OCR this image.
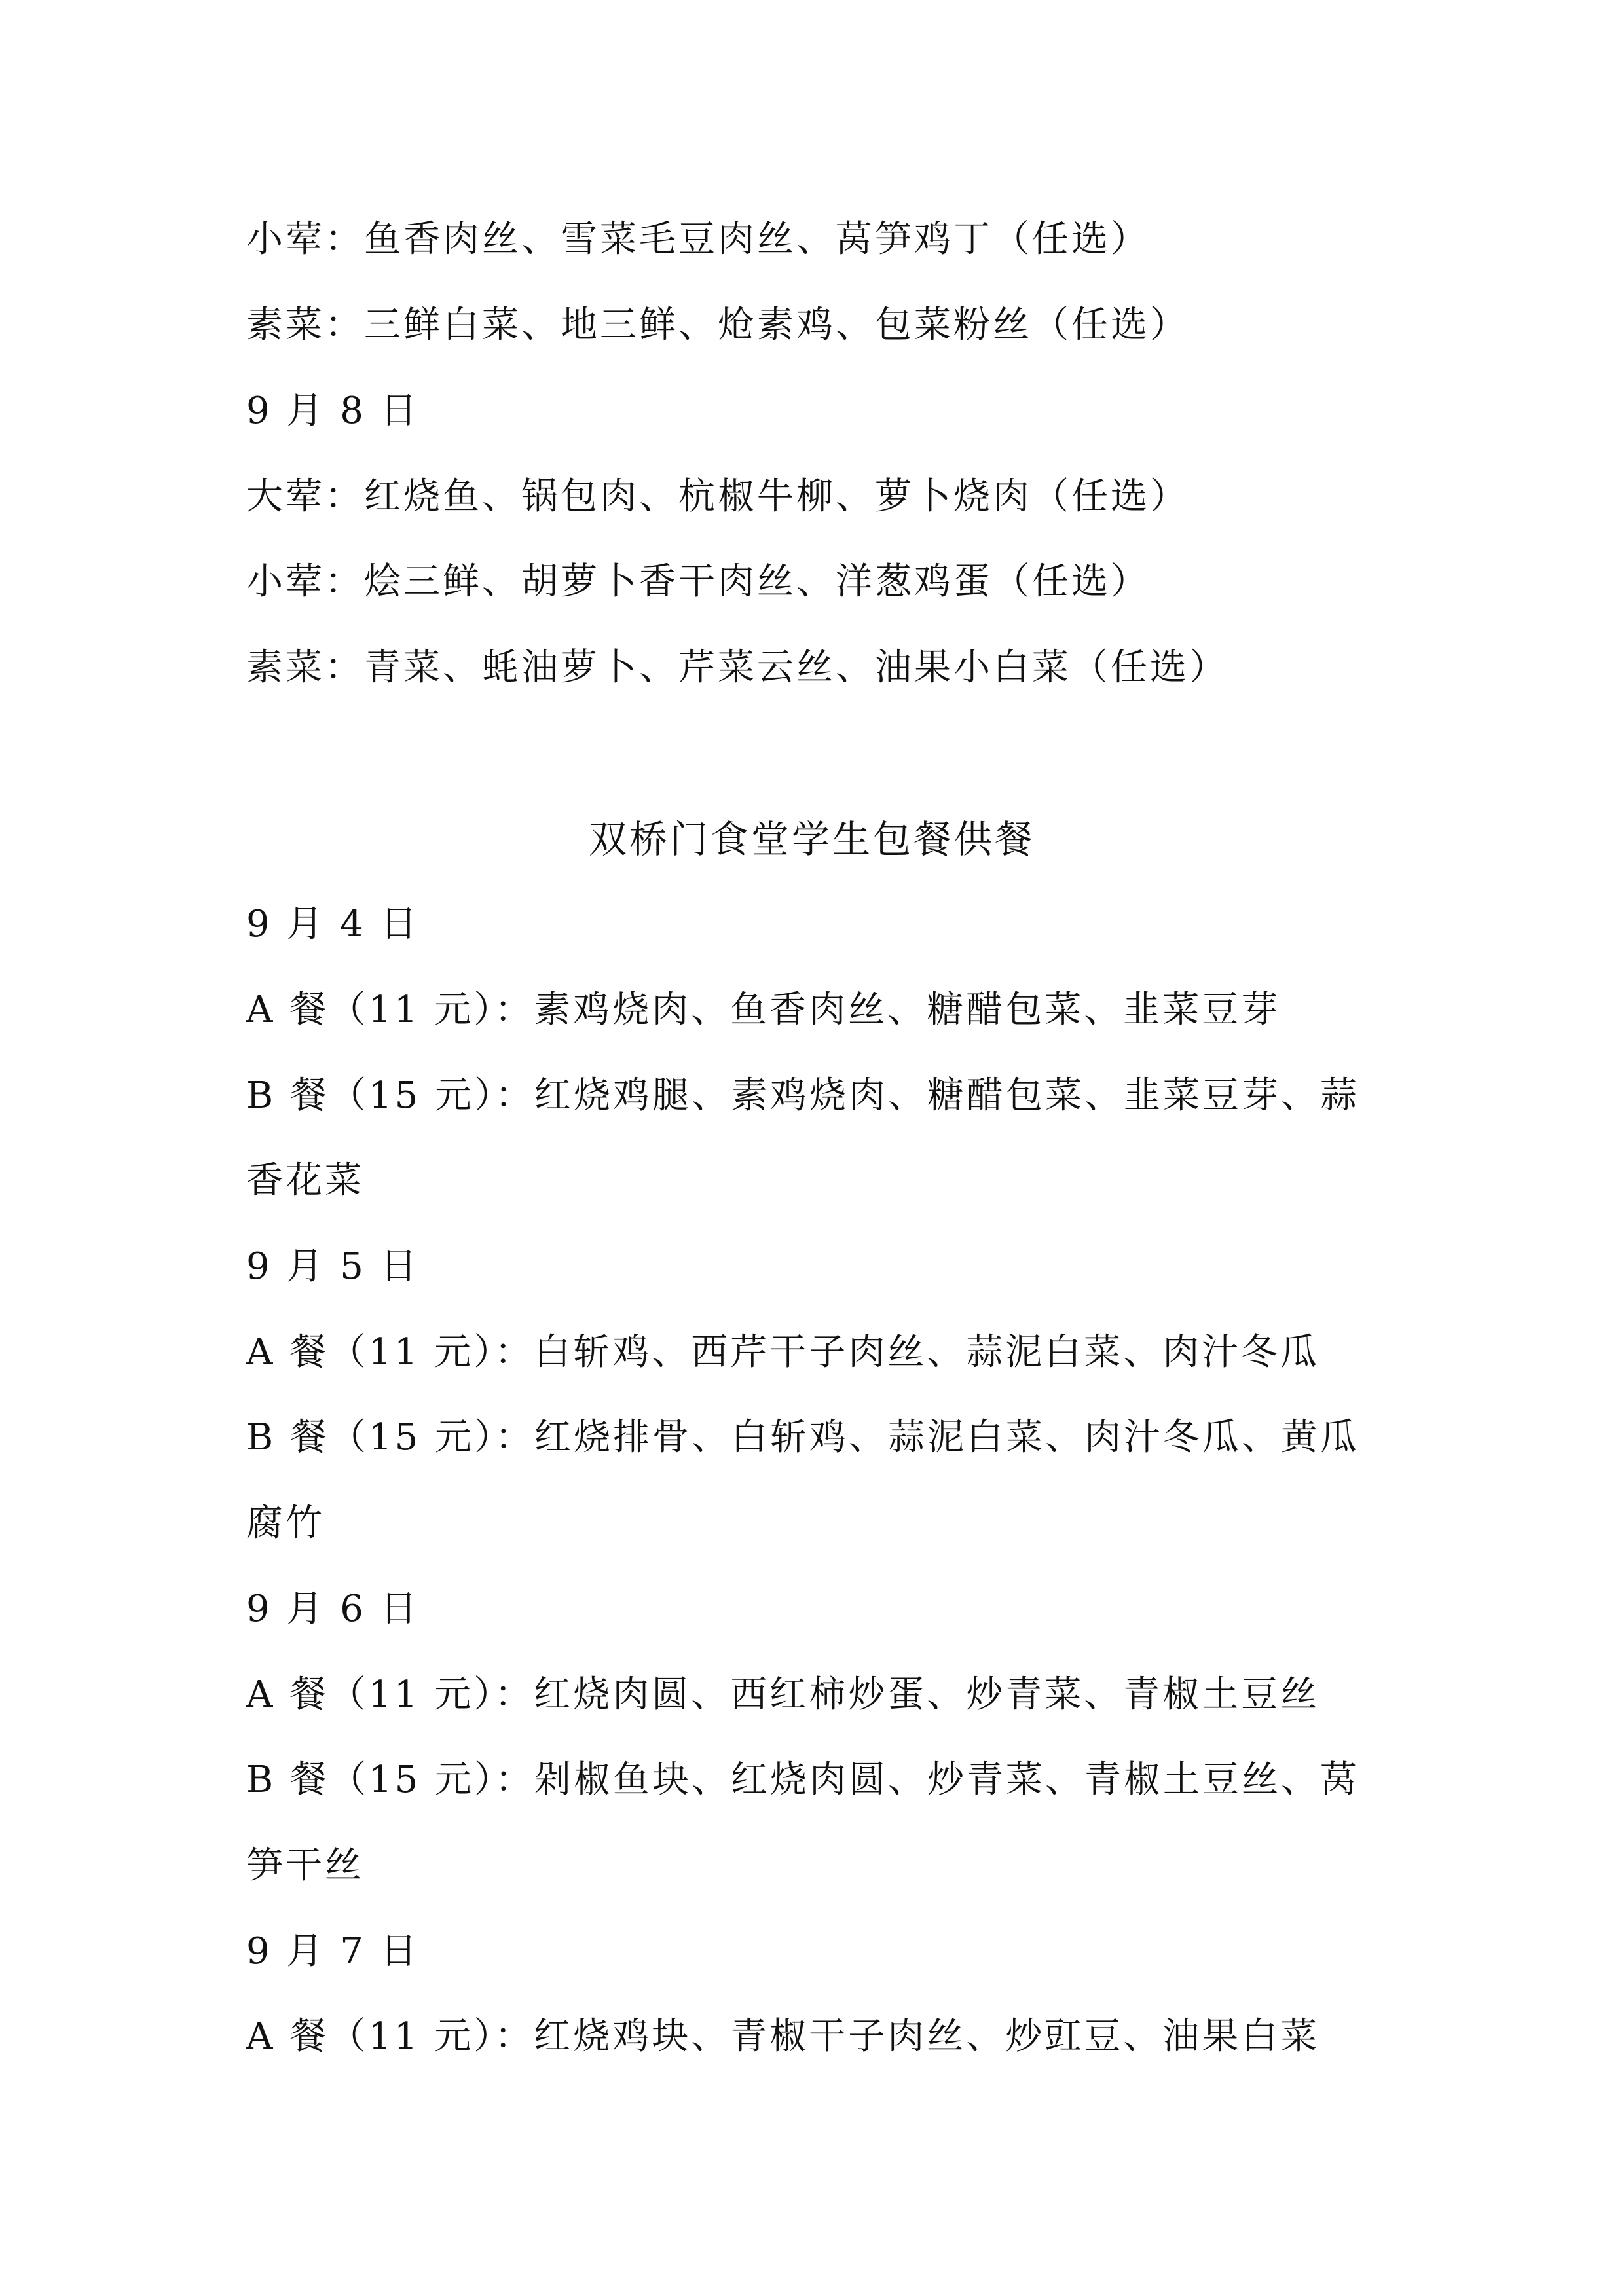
小荤：鱼香肉丝、雪菜毛豆肉丝、莴笋鸡丁（任选）
素菜：三鲜白菜、地三鲜、炝素鸡、包菜粉丝（任选）
9 月 8 日
大荤：红烧鱼、锅包肉、杭椒牛柳、萝卜烧肉（任选）
小荤：烩三鲜、胡萝卜香干肉丝、洋葱鸡蛋（任选）
素菜：青菜、蚝油萝卜、芹菜云丝、油果小白菜（任选）
双桥门食堂学生包餐供餐
9 月 4 日
A 餐（11 元）：素鸡烧肉、鱼香肉丝、糖醋包菜、韭菜豆芽
B 餐（15 元）：红烧鸡腿、素鸡烧肉、糖醋包菜、韭菜豆芽、蒜
香花菜
9 月 5 日
A 餐（11 元）：白斩鸡、西芹干子肉丝、蒜泥白菜、肉汁冬瓜
B 餐（15 元）：红烧排骨、白斩鸡、蒜泥白菜、肉汁冬瓜、黄瓜
腐竹
9 月 6 日
A 餐（11 元）：红烧肉圆、西红柿炒蛋、炒青菜、青椒土豆丝
B 餐（15 元）：剁椒鱼块、红烧肉圆、炒青菜、青椒土豆丝、莴
笋干丝
9 月 7 日
A 餐（11 元）：红烧鸡块、青椒干子肉丝、炒豇豆、油果白菜
